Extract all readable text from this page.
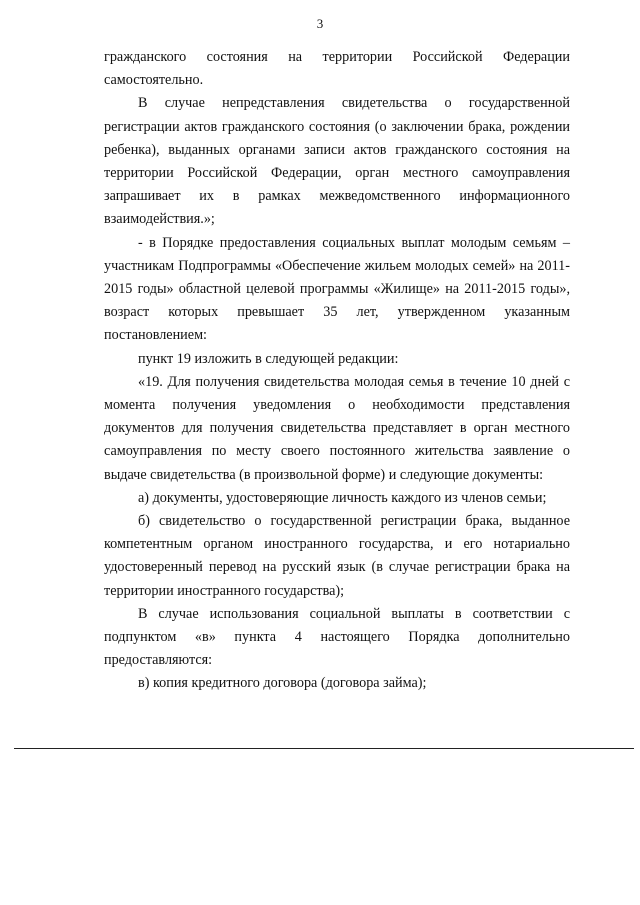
3

гражданского состояния на территории Российской Федерации самостоятельно.

В случае непредставления свидетельства о государственной регистрации актов гражданского состояния (о заключении брака, рождении ребенка), выданных органами записи актов гражданского состояния на территории Российской Федерации, орган местного самоуправления запрашивает их в рамках межведомственного информационного взаимодействия.»;

- в Порядке предоставления социальных выплат молодым семьям – участникам Подпрограммы «Обеспечение жильем молодых семей» на 2011-2015 годы» областной целевой программы «Жилище» на 2011-2015 годы», возраст которых превышает 35 лет, утвержденном указанным постановлением:

пункт 19 изложить в следующей редакции:

«19. Для получения свидетельства молодая семья в течение 10 дней с момента получения уведомления о необходимости представления документов для получения свидетельства представляет в орган местного самоуправления по месту своего постоянного жительства заявление о выдаче свидетельства (в произвольной форме) и следующие документы:

а) документы, удостоверяющие личность каждого из членов семьи;

б) свидетельство о государственной регистрации брака, выданное компетентным органом иностранного государства, и его нотариально удостоверенный перевод на русский язык (в случае регистрации брака на территории иностранного государства);

В случае использования социальной выплаты в соответствии с подпунктом «в» пункта 4 настоящего Порядка дополнительно предоставляются:

в) копия кредитного договора (договора займа);
